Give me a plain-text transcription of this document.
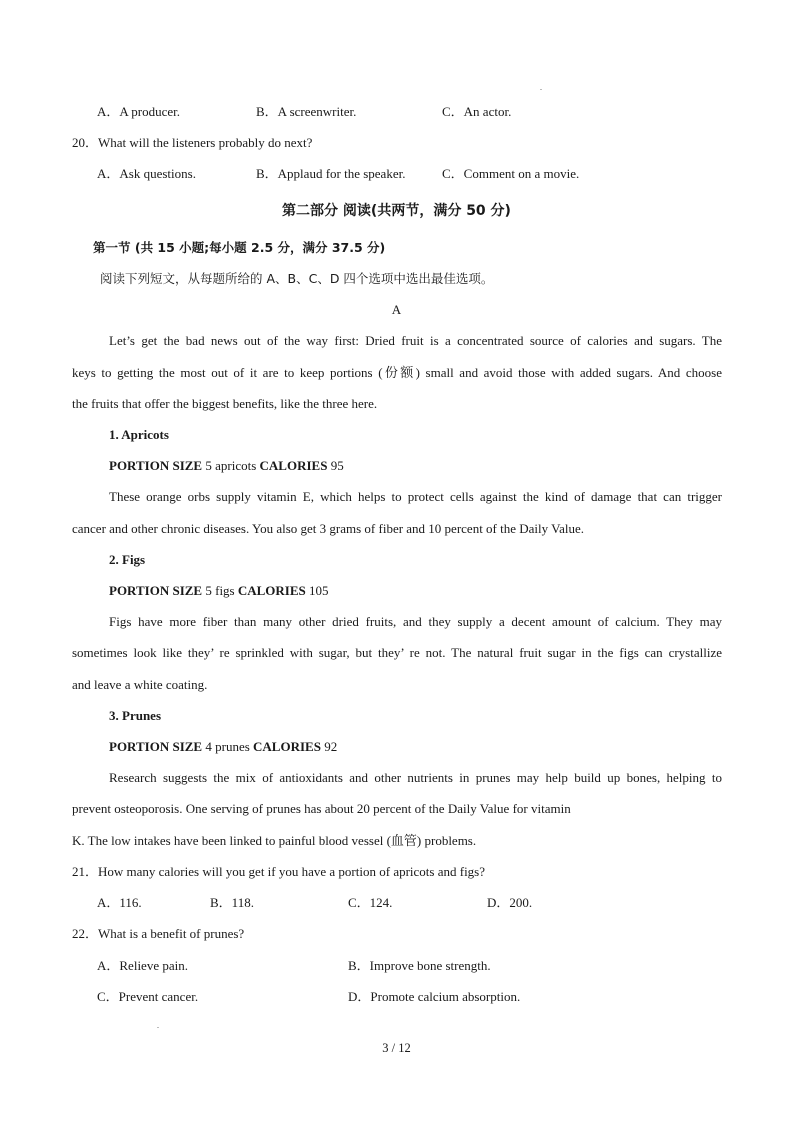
A．A producer.	B．A screenwriter.	C．An actor.
20．What will the listeners probably do next?
A．Ask questions.	B．Applaud for the speaker.	C．Comment on a movie.
第二部分 阅读(共两节，满分 50 分)
第一节 (共 15 小题;每小题 2.5 分，满分 37.5 分)
阅读下列短文，从每题所给的 A、B、C、D 四个选项中选出最佳选项。
A
Let’s get the bad news out of the way first: Dried fruit is a concentrated source of calories and sugars. The
keys to getting the most out of it are to keep portions (份额) small and avoid those with added sugars. And choose
the fruits that offer the biggest benefits, like the three here.
1. Apricots
PORTION SIZE 5 apricots CALORIES 95
These orange orbs supply vitamin E, which helps to protect cells against the kind of damage that can trigger
cancer and other chronic diseases. You also get 3 grams of fiber and 10 percent of the Daily Value.
2. Figs
PORTION SIZE 5 figs CALORIES 105
Figs have more fiber than many other dried fruits, and they supply a decent amount of calcium. They may
sometimes look like they’ re sprinkled with sugar, but they’ re not. The natural fruit sugar in the figs can crystallize
and leave a white coating.
3. Prunes
PORTION SIZE 4 prunes CALORIES 92
Research suggests the mix of antioxidants and other nutrients in prunes may help build up bones, helping to
prevent osteoporosis. One serving of prunes has about 20 percent of the Daily Value for vitamin
K. The low intakes have been linked to painful blood vessel (血管) problems.
21．How many calories will you get if you have a portion of apricots and figs?
A．116.	B．118.	C．124.	D．200.
22．What is a benefit of prunes?
A．Relieve pain.	B．Improve bone strength.
C．Prevent cancer.	D．Promote calcium absorption.
3 / 12
